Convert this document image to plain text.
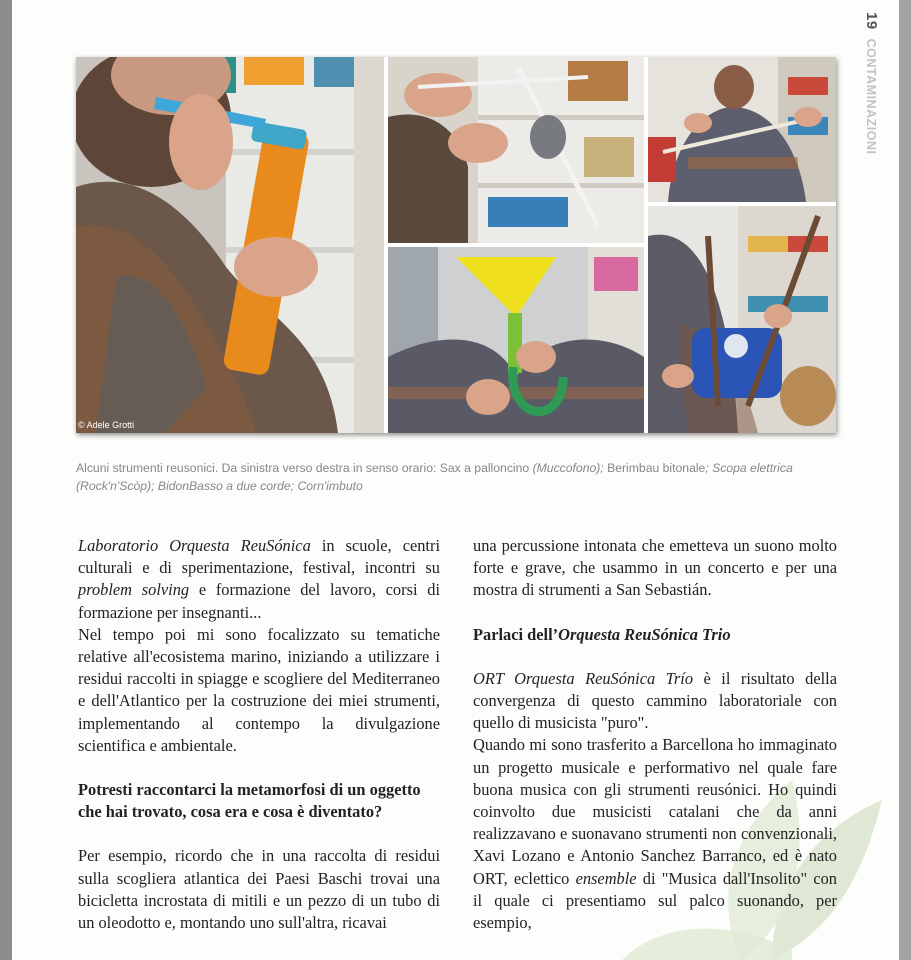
19 CONTAMINAZIONI
© Adele Grotti
Alcuni strumenti reusonici. Da sinistra verso destra in senso orario: Sax a palloncino (Muccofono); Berimbau bitonale; Scopa elettrica (Rock'n'Scòp); BidonBasso a due corde; Corn'imbuto

Laboratorio Orquesta ReuSónica in scuole, centri culturali e di sperimentazione, festival, incontri su problem solving e formazione del lavoro, corsi di formazione per insegnanti...

Nel tempo poi mi sono focalizzato su tematiche relative all'ecosistema marino, iniziando a utilizzare i residui raccolti in spiagge e scogliere del Mediterraneo e dell'Atlantico per la costruzione dei miei strumenti, implementando al contempo la divulgazione scientifica e ambientale.

Potresti raccontarci la metamorfosi di un oggetto che hai trovato, cosa era e cosa è diventato?

Per esempio, ricordo che in una raccolta di residui sulla scogliera atlantica dei Paesi Baschi trovai una bicicletta incrostata di mitili e un pezzo di un tubo di un oleodotto e, montando uno sull'altra, ricavai

una percussione intonata che emetteva un suono molto forte e grave, che usammo in un concerto e per una mostra di strumenti a San Sebastián.

Parlaci dell’Orquesta ReuSónica Trio

ORT Orquesta ReuSónica Trío è il risultato della convergenza di questo cammino laboratoriale con quello di musicista "puro".

Quando mi sono trasferito a Barcellona ho immaginato un progetto musicale e performativo nel quale fare buona musica con gli strumenti reusónici. Ho quindi coinvolto due musicisti catalani che da anni realizzavano e suonavano strumenti non convenzionali, Xavi Lozano e Antonio Sanchez Barranco, ed è nato ORT, eclettico ensemble di "Musica dall'Insolito" con il quale ci presentiamo sul palco suonando, per esempio,
